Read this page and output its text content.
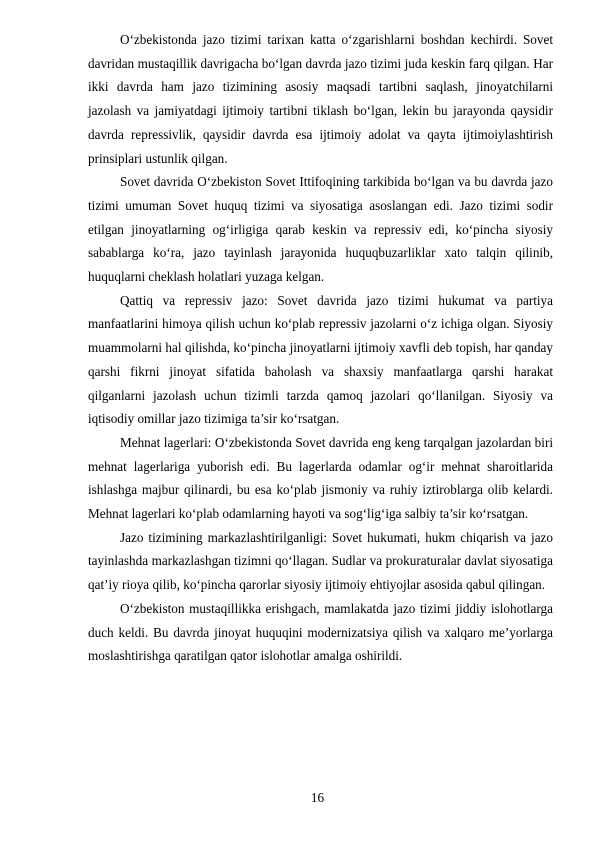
O‘zbekistonda jazo tizimi tarixan katta o‘zgarishlarni boshdan kechirdi. Sovet davridan mustaqillik davrigacha bo‘lgan davrda jazo tizimi juda keskin farq qilgan. Har ikki davrda ham jazo tizimining asosiy maqsadi tartibni saqlash, jinoyatchilarni jazolash va jamiyatdagi ijtimoiy tartibni tiklash bo‘lgan, lekin bu jarayonda qaysidir davrda repressivlik, qaysidir davrda esa ijtimoiy adolat va qayta ijtimoiylashtirish prinsiplari ustunlik qilgan.

Sovet davrida O‘zbekiston Sovet Ittifoqining tarkibida bo‘lgan va bu davrda jazo tizimi umuman Sovet huquq tizimi va siyosatiga asoslangan edi. Jazo tizimi sodir etilgan jinoyatlarning og‘irligiga qarab keskin va repressiv edi, ko‘pincha siyosiy sabablarga ko‘ra, jazo tayinlash jarayonida huquqbuzarliklar xato talqin qilinib, huquqlarni cheklash holatlari yuzaga kelgan.

Qattiq va repressiv jazo: Sovet davrida jazo tizimi hukumat va partiya manfaatlarini himoya qilish uchun ko‘plab repressiv jazolarni o‘z ichiga olgan. Siyosiy muammolarni hal qilishda, ko‘pincha jinoyatlarni ijtimoiy xavfli deb topish, har qanday qarshi fikrni jinoyat sifatida baholash va shaxsiy manfaatlarga qarshi harakat qilganlarni jazolash uchun tizimli tarzda qamoq jazolari qo‘llanilgan. Siyosiy va iqtisodiy omillar jazo tizimiga ta’sir ko‘rsatgan.

Mehnat lagerlari: O‘zbekistonda Sovet davrida eng keng tarqalgan jazolardan biri mehnat lagerlariga yuborish edi. Bu lagerlarda odamlar og‘ir mehnat sharoitlarida ishlashga majbur qilinardi, bu esa ko‘plab jismoniy va ruhiy iztiroblarga olib kelardi. Mehnat lagerlari ko‘plab odamlarning hayoti va sog‘lig‘iga salbiy ta’sir ko‘rsatgan.

Jazo tizimining markazlashtirilganligi: Sovet hukumati, hukm chiqarish va jazo tayinlashda markazlashgan tizimni qo‘llagan. Sudlar va prokuraturalar davlat siyosatiga qat’iy rioya qilib, ko‘pincha qarorlar siyosiy ijtimoiy ehtiyojlar asosida qabul qilingan.

O‘zbekiston mustaqillikka erishgach, mamlakatda jazo tizimi jiddiy islohotlarga duch keldi. Bu davrda jinoyat huquqini modernizatsiya qilish va xalqaro me’yorlarga moslashtirishga qaratilgan qator islohotlar amalga oshirildi.

16
